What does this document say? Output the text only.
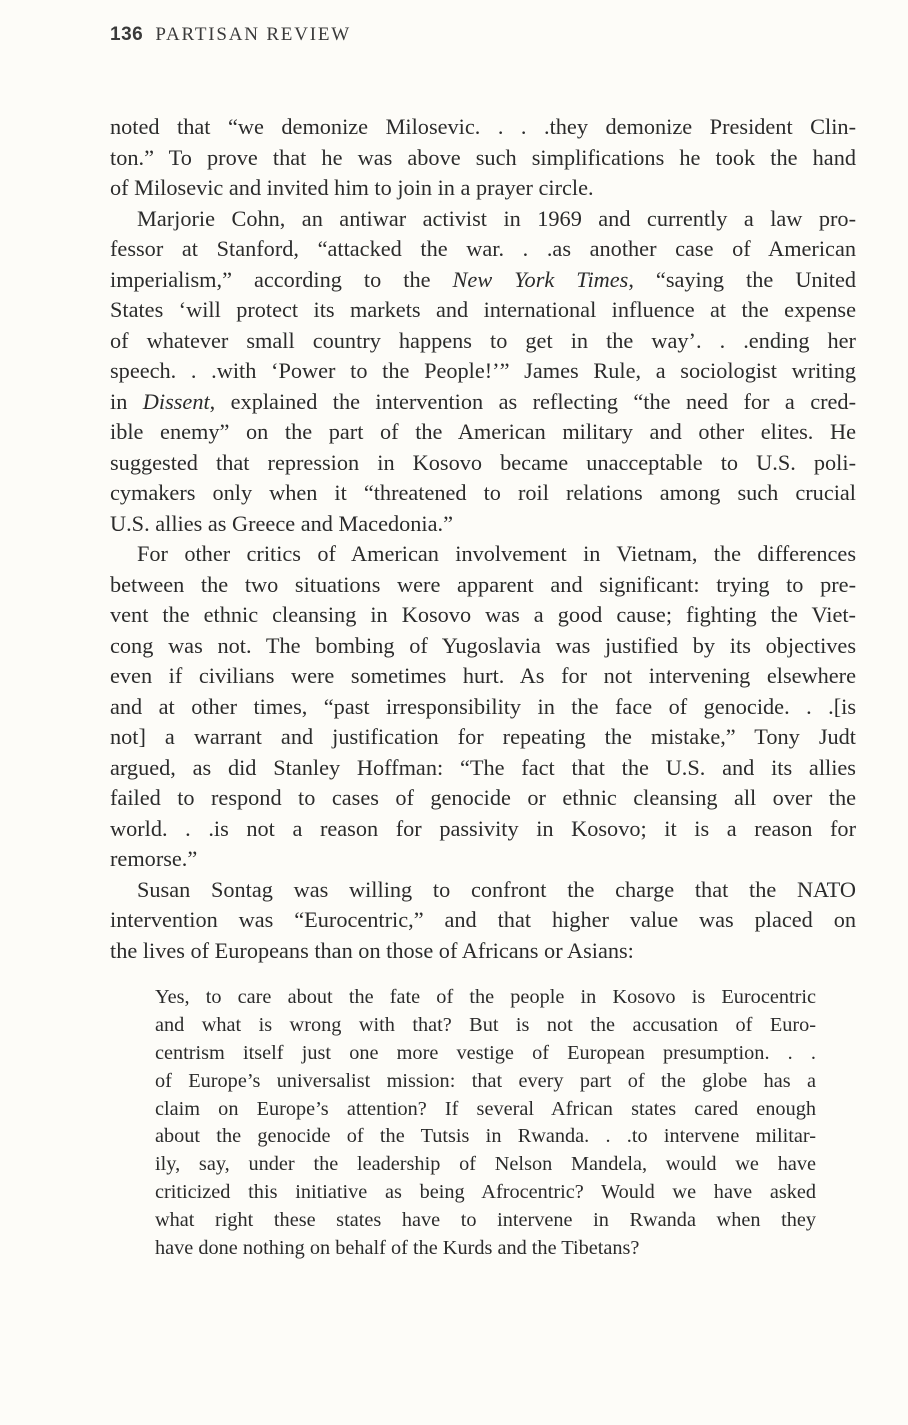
136 PARTISAN REVIEW
noted that “we demonize Milosevic. . . .they demonize President Clin-
ton.” To prove that he was above such simplifications he took the hand
of Milosevic and invited him to join in a prayer circle.
Marjorie Cohn, an antiwar activist in 1969 and currently a law pro-
fessor at Stanford, “attacked the war. . .as another case of American
imperialism,” according to the New York Times, “saying the United
States ‘will protect its markets and international influence at the expense
of whatever small country happens to get in the way’. . .ending her
speech. . .with ‘Power to the People!’” James Rule, a sociologist writing
in Dissent, explained the intervention as reflecting “the need for a cred-
ible enemy” on the part of the American military and other elites. He
suggested that repression in Kosovo became unacceptable to U.S. poli-
cymakers only when it “threatened to roil relations among such crucial
U.S. allies as Greece and Macedonia.”
For other critics of American involvement in Vietnam, the differences
between the two situations were apparent and significant: trying to pre-
vent the ethnic cleansing in Kosovo was a good cause; fighting the Viet-
cong was not. The bombing of Yugoslavia was justified by its objectives
even if civilians were sometimes hurt. As for not intervening elsewhere
and at other times, “past irresponsibility in the face of genocide. . .[is
not] a warrant and justification for repeating the mistake,” Tony Judt
argued, as did Stanley Hoffman: “The fact that the U.S. and its allies
failed to respond to cases of genocide or ethnic cleansing all over the
world. . .is not a reason for passivity in Kosovo; it is a reason for
remorse.”
Susan Sontag was willing to confront the charge that the NATO
intervention was “Eurocentric,” and that higher value was placed on
the lives of Europeans than on those of Africans or Asians:
Yes, to care about the fate of the people in Kosovo is Eurocentric
and what is wrong with that? But is not the accusation of Euro-
centrism itself just one more vestige of European presumption. . .
of Europe’s universalist mission: that every part of the globe has a
claim on Europe’s attention? If several African states cared enough
about the genocide of the Tutsis in Rwanda. . .to intervene militar-
ily, say, under the leadership of Nelson Mandela, would we have
criticized this initiative as being Afrocentric? Would we have asked
what right these states have to intervene in Rwanda when they
have done nothing on behalf of the Kurds and the Tibetans?
